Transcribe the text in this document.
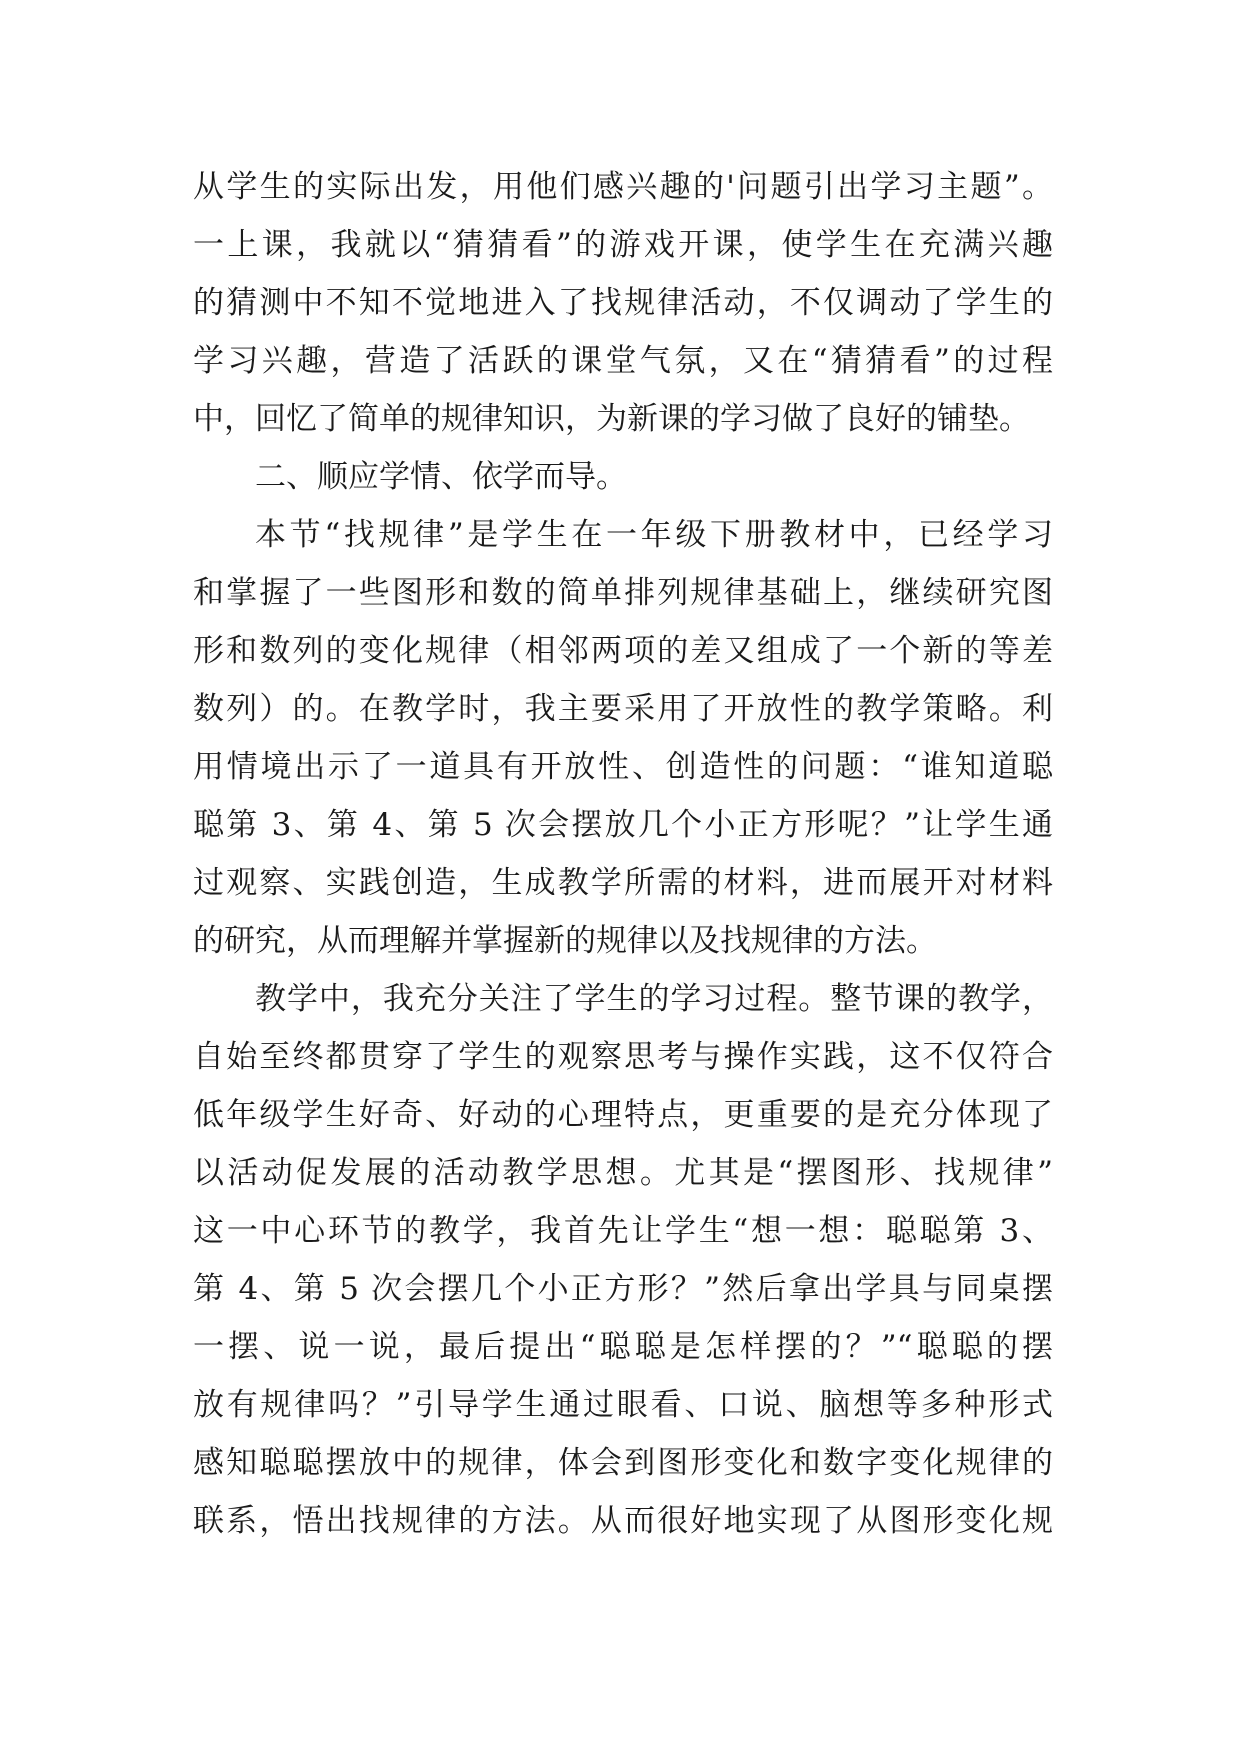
从学生的实际出发，用他们感兴趣的'问题引出学习主题”。
一上课，我就以“猜猜看”的游戏开课，使学生在充满兴趣
的猜测中不知不觉地进入了找规律活动，不仅调动了学生的
学习兴趣，营造了活跃的课堂气氛，又在“猜猜看”的过程
中，回忆了简单的规律知识，为新课的学习做了良好的铺垫。
二、顺应学情、依学而导。
本节“找规律”是学生在一年级下册教材中，已经学习
和掌握了一些图形和数的简单排列规律基础上，继续研究图
形和数列的变化规律（相邻两项的差又组成了一个新的等差
数列）的。在教学时，我主要采用了开放性的教学策略。利
用情境出示了一道具有开放性、创造性的问题：“谁知道聪
聪第 3、第 4、第 5 次会摆放几个小正方形呢？”让学生通
过观察、实践创造，生成教学所需的材料，进而展开对材料
的研究，从而理解并掌握新的规律以及找规律的方法。
教学中，我充分关注了学生的学习过程。整节课的教学，
自始至终都贯穿了学生的观察思考与操作实践，这不仅符合
低年级学生好奇、好动的心理特点，更重要的是充分体现了
以活动促发展的活动教学思想。尤其是“摆图形、找规律”
这一中心环节的教学，我首先让学生“想一想：聪聪第 3、
第 4、第 5 次会摆几个小正方形？”然后拿出学具与同桌摆
一摆、说一说，最后提出“聪聪是怎样摆的？”“聪聪的摆
放有规律吗？”引导学生通过眼看、口说、脑想等多种形式
感知聪聪摆放中的规律，体会到图形变化和数字变化规律的
联系，悟出找规律的方法。从而很好地实现了从图形变化规
